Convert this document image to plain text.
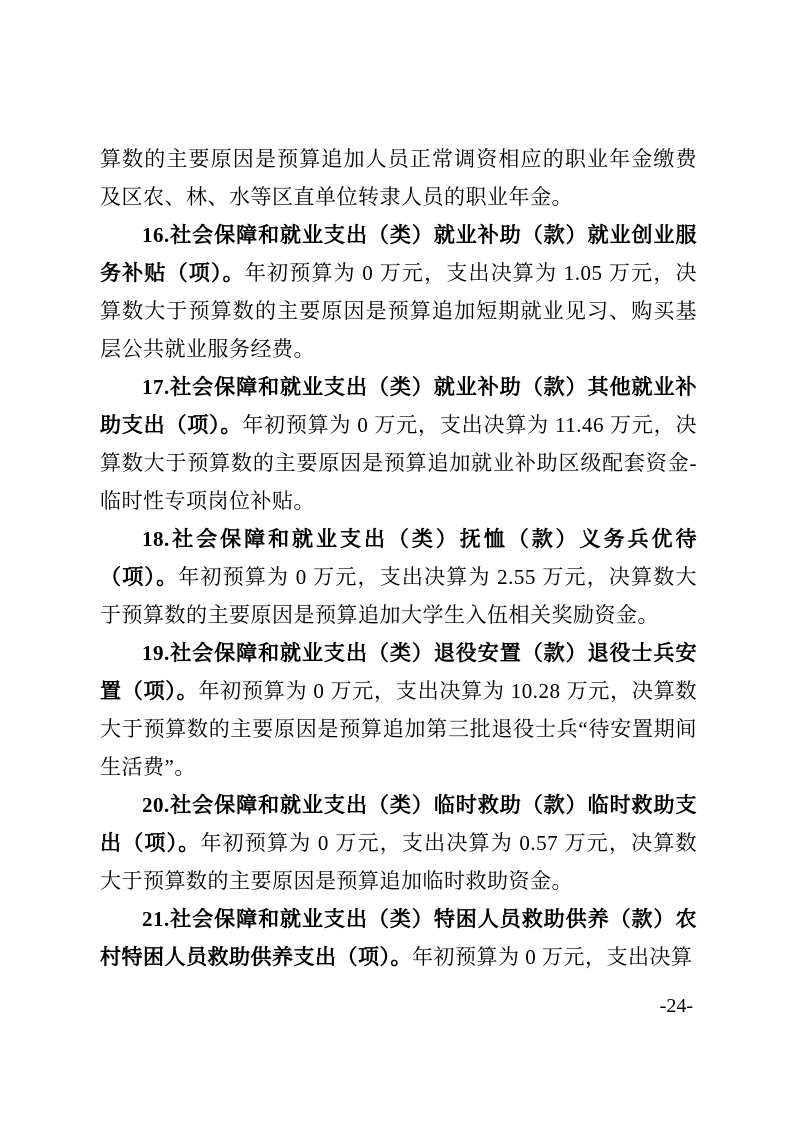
算数的主要原因是预算追加人员正常调资相应的职业年金缴费及区农、林、水等区直单位转隶人员的职业年金。

16.社会保障和就业支出（类）就业补助（款）就业创业服务补贴（项）。年初预算为 0 万元，支出决算为 1.05 万元，决算数大于预算数的主要原因是预算追加短期就业见习、购买基层公共就业服务经费。

17.社会保障和就业支出（类）就业补助（款）其他就业补助支出（项）。年初预算为 0 万元，支出决算为 11.46 万元，决算数大于预算数的主要原因是预算追加就业补助区级配套资金-临时性专项岗位补贴。

18.社会保障和就业支出（类）抚恤（款）义务兵优待（项）。年初预算为 0 万元，支出决算为 2.55 万元，决算数大于预算数的主要原因是预算追加大学生入伍相关奖励资金。

19.社会保障和就业支出（类）退役安置（款）退役士兵安置（项）。年初预算为 0 万元，支出决算为 10.28 万元，决算数大于预算数的主要原因是预算追加第三批退役士兵“待安置期间生活费”。

20.社会保障和就业支出（类）临时救助（款）临时救助支出（项）。年初预算为 0 万元，支出决算为 0.57 万元，决算数大于预算数的主要原因是预算追加临时救助资金。

21.社会保障和就业支出（类）特困人员救助供养（款）农村特困人员救助供养支出（项）。年初预算为 0 万元，支出决算

-24-
